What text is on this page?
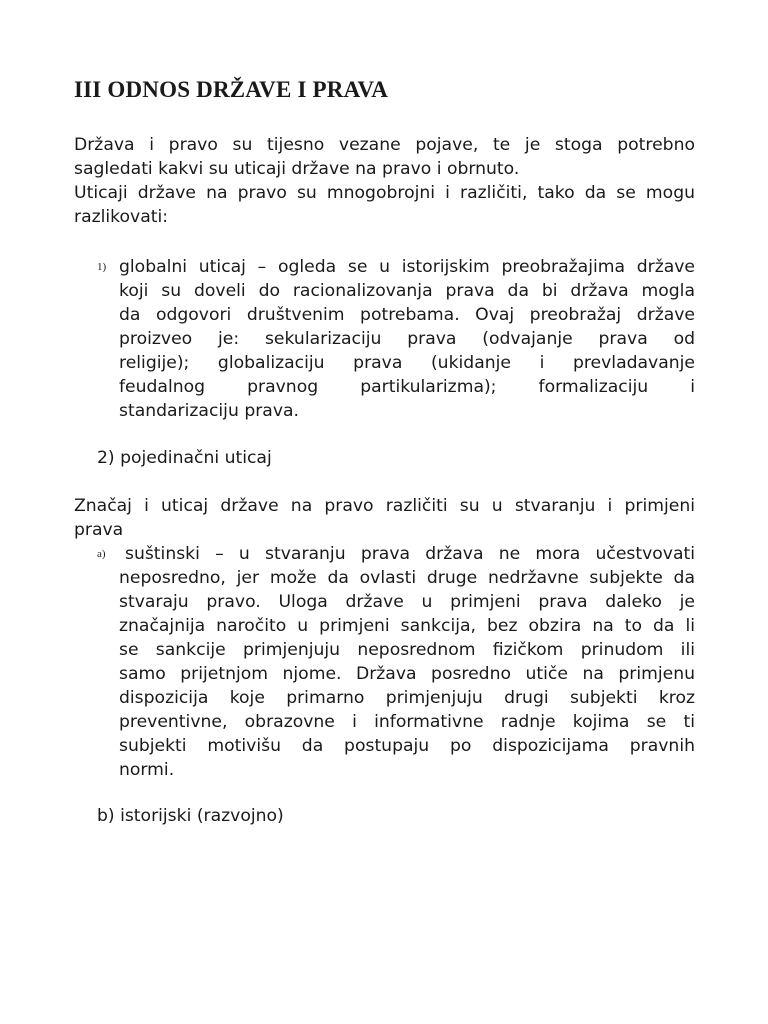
III ODNOS DRŽAVE I PRAVA
Država i pravo su tijesno vezane pojave, te je stoga potrebno
sagledati kakvi su uticaji države na pravo i obrnuto.
Uticaji države na pravo su mnogobrojni i različiti, tako da se mogu
razlikovati:
1) globalni uticaj – ogleda se u istorijskim preobražajima države
koji su doveli do racionalizovanja prava da bi država mogla
da odgovori društvenim potrebama. Ovaj preobražaj države
proizveo je: sekularizaciju prava (odvajanje prava od
religije); globalizaciju prava (ukidanje i prevladavanje
feudalnog pravnog partikularizma); formalizaciju i
standarizaciju prava.
2) pojedinačni uticaj
Značaj i uticaj države na pravo različiti su u stvaranju i primjeni
prava
a)	suštinski – u stvaranju prava država ne mora učestvovati
neposredno, jer može da ovlasti druge nedržavne subjekte da
stvaraju pravo. Uloga države u primjeni prava daleko je
značajnija naročito u primjeni sankcija, bez obzira na to da li
se sankcije primjenjuju neposrednom fizičkom prinudom ili
samo prijetnjom njome. Država posredno utiče na primjenu
dispozicija koje primarno primjenjuju drugi subjekti kroz
preventivne, obrazovne i informativne radnje kojima se ti
subjekti motivišu da postupaju po dispozicijama pravnih
normi.
b) istorijski (razvojno)
